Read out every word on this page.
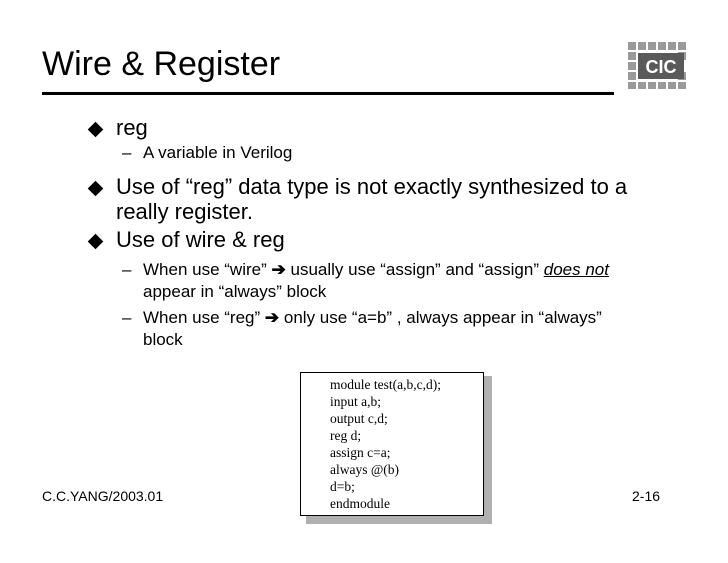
Wire & Register	CIC
reg
– A variable in Verilog
Use of “reg” data type is not exactly synthesized to a
really register.
Use of wire & reg
– When use “wire” ➔ usually use “assign” and “assign” does not
appear in “always” block
– When use “reg” ➔ only use “a=b” , always appear in “always”
block
module test(a,b,c,d);
input a,b;
output c,d;
reg d;
assign c=a;
always @(b)
d=b;
endmodule
C.C.YANG/2003.01	2-16
